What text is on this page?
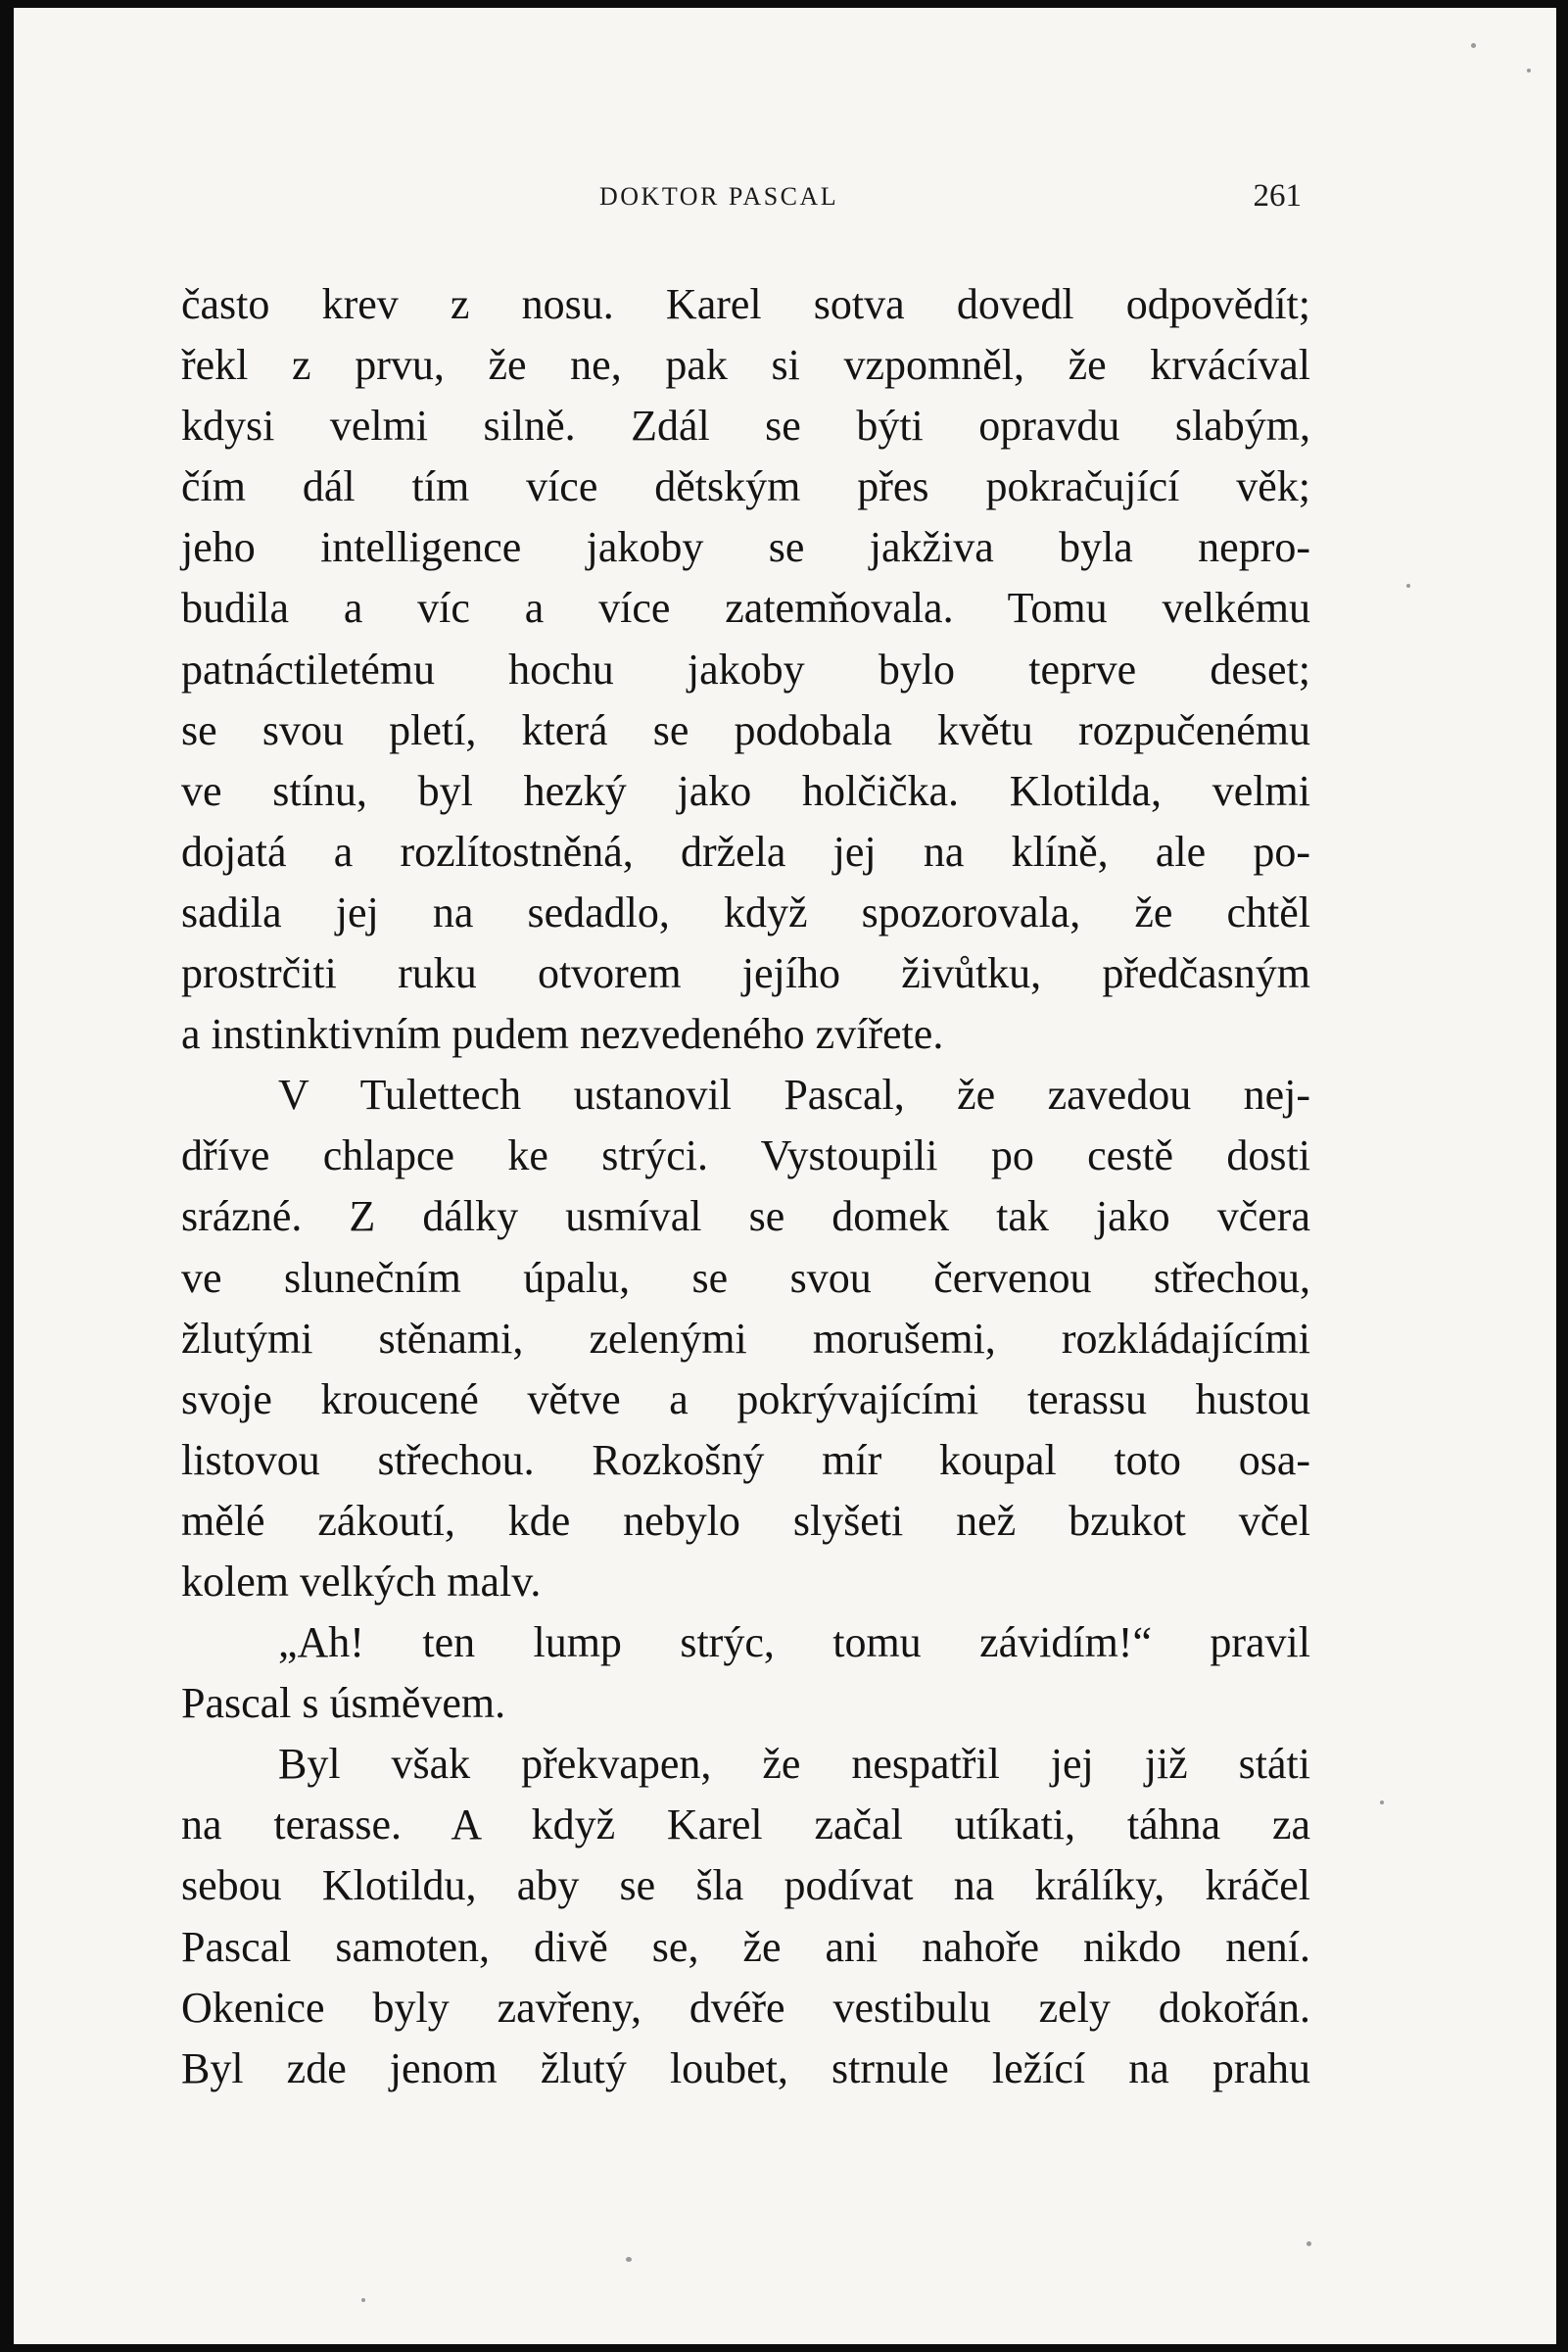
DOKTOR PASCAL	261
často krev z nosu. Karel sotva dovedl odpovědít;
řekl z prvu, že ne, pak si vzpomněl, že krvácíval
kdysi velmi silně. Zdál se býti opravdu slabým,
čím dál tím více dětským přes pokračující věk;
jeho intelligence jakoby se jakživa byla nepro-
budila a víc a více zatemňovala. Tomu velkému
patnáctiletému hochu jakoby bylo teprve deset;
se svou pletí, která se podobala květu rozpučenému
ve stínu, byl hezký jako holčička. Klotilda, velmi
dojatá a rozlítostněná, držela jej na klíně, ale po-
sadila jej na sedadlo, když spozorovala, že chtěl
prostrčiti ruku otvorem jejího živůtku, předčasným
a instinktivním pudem nezvedeného zvířete.
V Tulettech ustanovil Pascal, že zavedou nej-
dříve chlapce ke strýci. Vystoupili po cestě dosti
srázné. Z dálky usmíval se domek tak jako včera
ve slunečním úpalu, se svou červenou střechou,
žlutými stěnami, zelenými morušemi, rozkládajícími
svoje kroucené větve a pokrývajícími terassu hustou
listovou střechou. Rozkošný mír koupal toto osa-
mělé zákoutí, kde nebylo slyšeti než bzukot včel
kolem velkých malv.
„Ah! ten lump strýc, tomu závidím!“ pravil
Pascal s úsměvem.
Byl však překvapen, že nespatřil jej již státi
na terasse. A když Karel začal utíkati, táhna za
sebou Klotildu, aby se šla podívat na králíky, kráčel
Pascal samoten, divě se, že ani nahoře nikdo není.
Okenice byly zavřeny, dvéře vestibulu zely dokořán.
Byl zde jenom žlutý loubet, strnule ležící na prahu
